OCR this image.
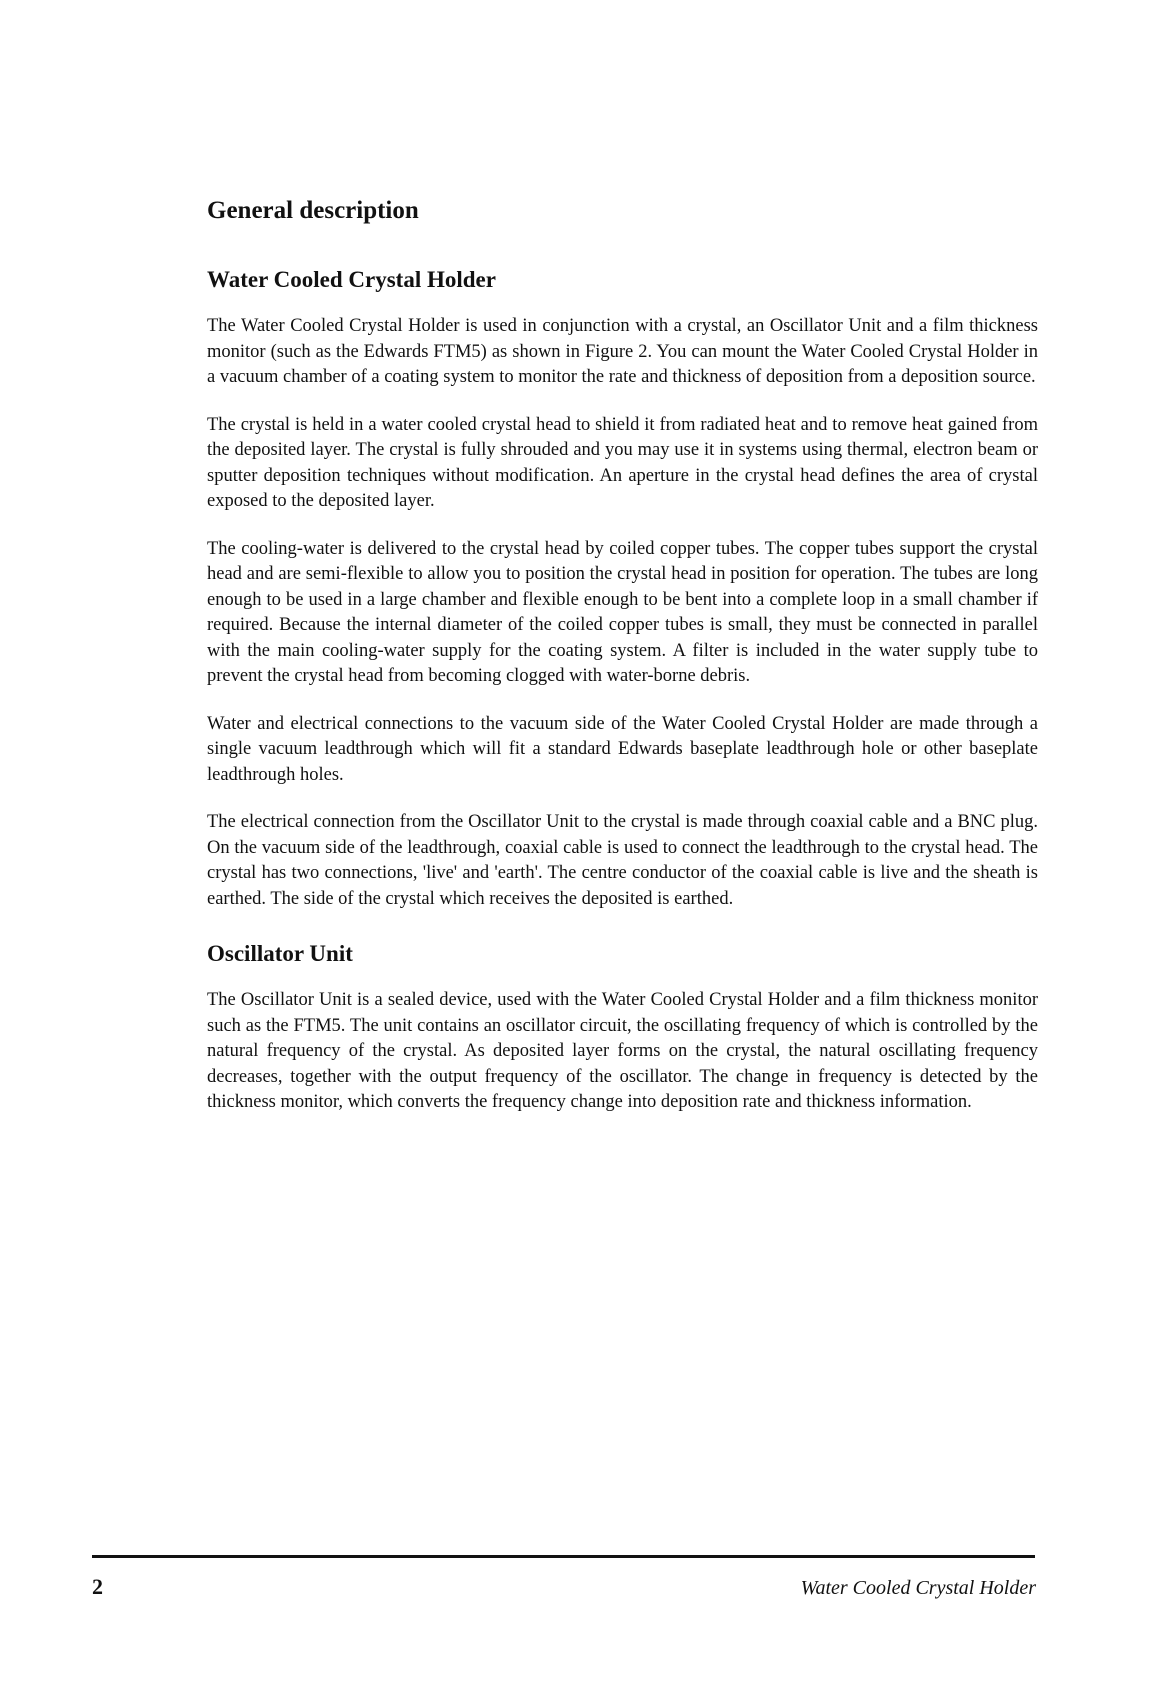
General description
Water Cooled Crystal Holder

The Water Cooled Crystal Holder is used in conjunction with a crystal, an Oscillator Unit and a film thickness monitor (such as the Edwards FTM5) as shown in Figure 2. You can mount the Water Cooled Crystal Holder in a vacuum chamber of a coating system to monitor the rate and thickness of deposition from a deposition source.

The crystal is held in a water cooled crystal head to shield it from radiated heat and to remove heat gained from the deposited layer. The crystal is fully shrouded and you may use it in systems using thermal, electron beam or sputter deposition techniques without modification. An aperture in the crystal head defines the area of crystal exposed to the deposited layer.

The cooling-water is delivered to the crystal head by coiled copper tubes. The copper tubes support the crystal head and are semi-flexible to allow you to position the crystal head in position for operation. The tubes are long enough to be used in a large chamber and flexible enough to be bent into a complete loop in a small chamber if required. Because the internal diameter of the coiled copper tubes is small, they must be connected in parallel with the main cooling-water supply for the coating system. A filter is included in the water supply tube to prevent the crystal head from becoming clogged with water-borne debris.

Water and electrical connections to the vacuum side of the Water Cooled Crystal Holder are made through a single vacuum leadthrough which will fit a standard Edwards baseplate leadthrough hole or other baseplate leadthrough holes.

The electrical connection from the Oscillator Unit to the crystal is made through coaxial cable and a BNC plug. On the vacuum side of the leadthrough, coaxial cable is used to connect the leadthrough to the crystal head. The crystal has two connections, 'live' and 'earth'. The centre conductor of the coaxial cable is live and the sheath is earthed. The side of the crystal which receives the deposited is earthed.

Oscillator Unit

The Oscillator Unit is a sealed device, used with the Water Cooled Crystal Holder and a film thickness monitor such as the FTM5. The unit contains an oscillator circuit, the oscillating frequency of which is controlled by the natural frequency of the crystal. As deposited layer forms on the crystal, the natural oscillating frequency decreases, together with the output frequency of the oscillator. The change in frequency is detected by the thickness monitor, which converts the frequency change into deposition rate and thickness information.

2	Water Cooled Crystal Holder
